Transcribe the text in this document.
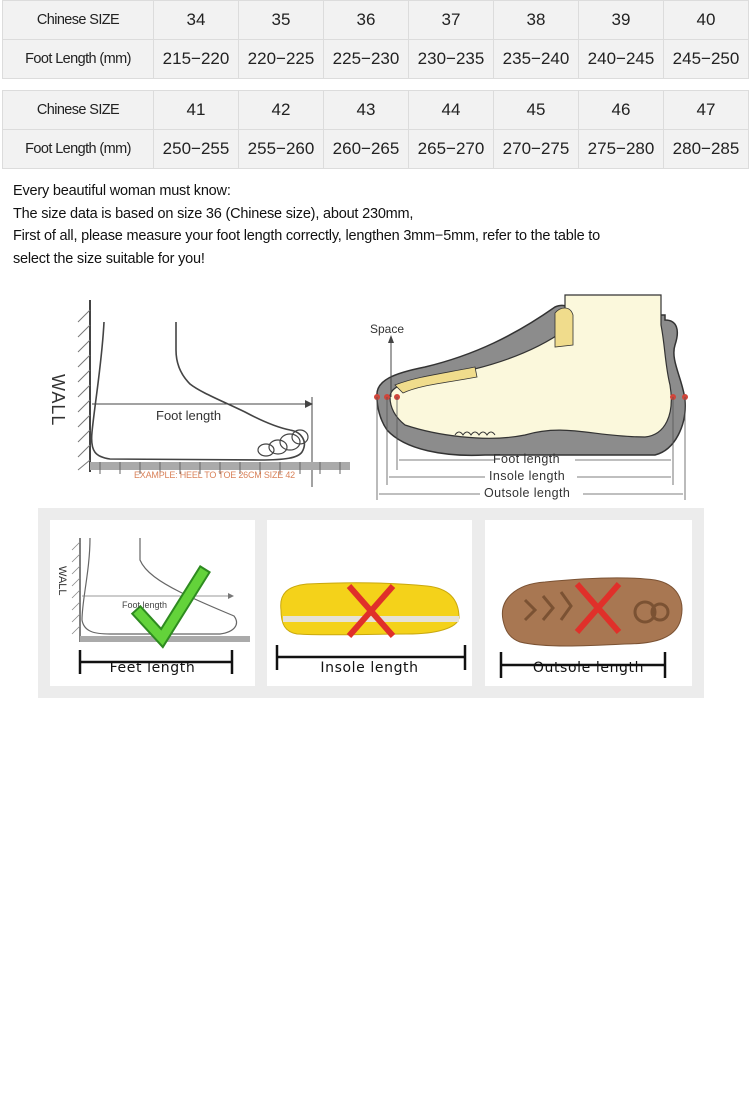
Chinese SIZE	34	35	36	37	38	39	40
Foot Length (mm)	215−220	220−225	225−230	230−235	235−240	240−245	245−250
Chinese SIZE	41	42	43	44	45	46	47
Foot Length (mm)	250−255	255−260	260−265	265−270	270−275	275−280	280−285
Every beautiful woman must know:
The size data is based on size 36 (Chinese size), about 230mm,
First of all, please measure your foot length correctly, lengthen 3mm−5mm, refer to the table to
select the size suitable for you!
WALL	Foot length
EXAMPLE: HEEL TO TOE 26CM SIZE 42
Space
Foot length
Insole length
Outsole length
WALL
Foot length
Feet length	Insole length	Outsole length
